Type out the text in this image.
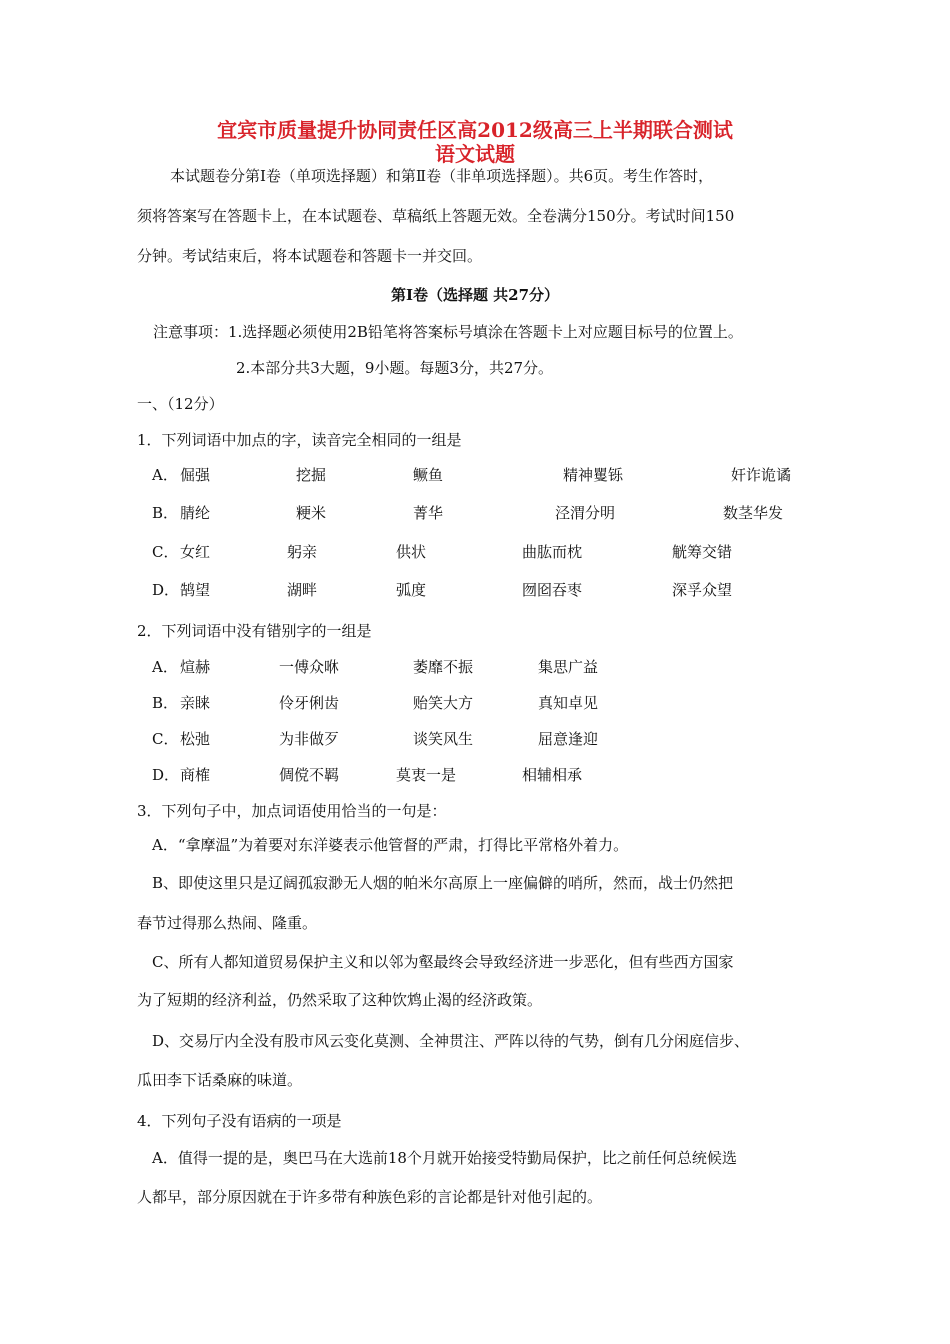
宜宾市质量提升协同责任区高2012级高三上半期联合测试
语文试题
本试题卷分第Ⅰ卷（单项选择题）和第Ⅱ卷（非单项选择题）。共6页。考生作答时，
须将答案写在答题卡上，在本试题卷、草稿纸上答题无效。全卷满分150分。考试时间150
分钟。考试结束后，将本试题卷和答题卡一并交回。
第Ⅰ卷（选择题 共27分）
注意事项：1.选择题必须使用2B铅笔将答案标号填涂在答题卡上对应题目标号的位置上。
2.本部分共3大题，9小题。每题3分，共27分。
一、（12分）
1．下列词语中加点的字，读音完全相同的一组是
A． 倔强	挖掘	鳜鱼	精神矍铄	奸诈诡谲
B． 腈纶	粳米	菁华	泾渭分明	数茎华发
C． 女红	躬亲	供状	曲肱而枕	觥筹交错
D． 鹄望	湖畔	弧度	囫囵吞枣	深孚众望
2．下列词语中没有错别字的一组是
A． 煊赫	一傅众咻	萎靡不振	集思广益
B． 亲睐	伶牙俐齿	贻笑大方	真知卓见
C． 松弛	为非做歹	谈笑风生	屈意逢迎
D． 商榷	倜傥不羁	莫衷一是	相辅相承
3．下列句子中，加点词语使用恰当的一句是：
A．“拿摩温”为着要对东洋婆表示他管督的严肃，打得比平常格外着力。
B、即使这里只是辽阔孤寂渺无人烟的帕米尔高原上一座偏僻的哨所，然而，战士仍然把
春节过得那么热闹、隆重。
C、所有人都知道贸易保护主义和以邻为壑最终会导致经济进一步恶化，但有些西方国家
为了短期的经济利益，仍然采取了这种饮鸩止渴的经济政策。
D、交易厅内全没有股市风云变化莫测、全神贯注、严阵以待的气势，倒有几分闲庭信步、
瓜田李下话桑麻的味道。
4．下列句子没有语病的一项是
A．值得一提的是，奥巴马在大选前18个月就开始接受特勤局保护，比之前任何总统候选
人都早，部分原因就在于许多带有种族色彩的言论都是针对他引起的。
